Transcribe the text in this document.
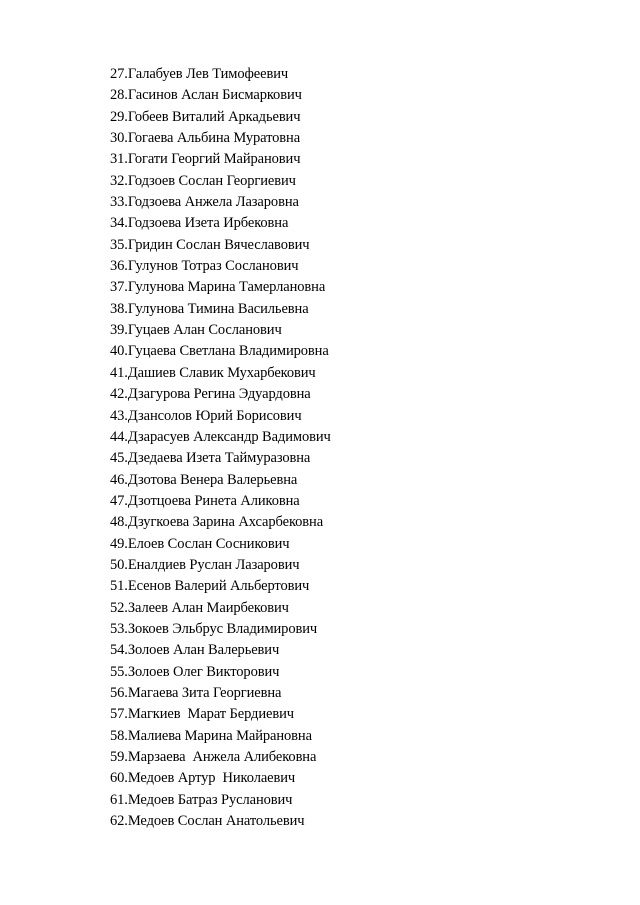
27.Галабуев Лев Тимофеевич
28.Гасинов Аслан Бисмаркович
29.Гобеев Виталий Аркадьевич
30.Гогаева Альбина Муратовна
31.Гогати Георгий Майранович
32.Годзоев Сослан Георгиевич
33.Годзоева Анжела Лазаровна
34.Годзоева Изета Ирбековна
35.Гридин Сослан Вячеславович
36.Гулунов Тотраз Сосланович
37.Гулунова Марина Тамерлановна
38.Гулунова Тимина Васильевна
39.Гуцаев Алан Сосланович
40.Гуцаева Светлана Владимировна
41.Дашиев Славик Мухарбекович
42.Дзагурова Регина Эдуардовна
43.Дзансолов Юрий Борисович
44.Дзарасуев Александр Вадимович
45.Дзедаева Изета Таймуразовна
46.Дзотова Венера Валерьевна
47.Дзотцоева Ринета Аликовна
48.Дзугкоева Зарина Ахсарбековна
49.Елоев Сослан Сосникович
50.Еналдиев Руслан Лазарович
51.Есенов Валерий Альбертович
52.Залеев Алан Маирбекович
53.Зокоев Эльбрус Владимирович
54.Золоев Алан Валерьевич
55.Золоев Олег Викторович
56.Магаева Зита Георгиевна
57.Магкиев  Марат Бердиевич
58.Малиева Марина Майрановна
59.Марзаева  Анжела Алибековна
60.Медоев Артур  Николаевич
61.Медоев Батраз Русланович
62.Медоев Сослан Анатольевич
